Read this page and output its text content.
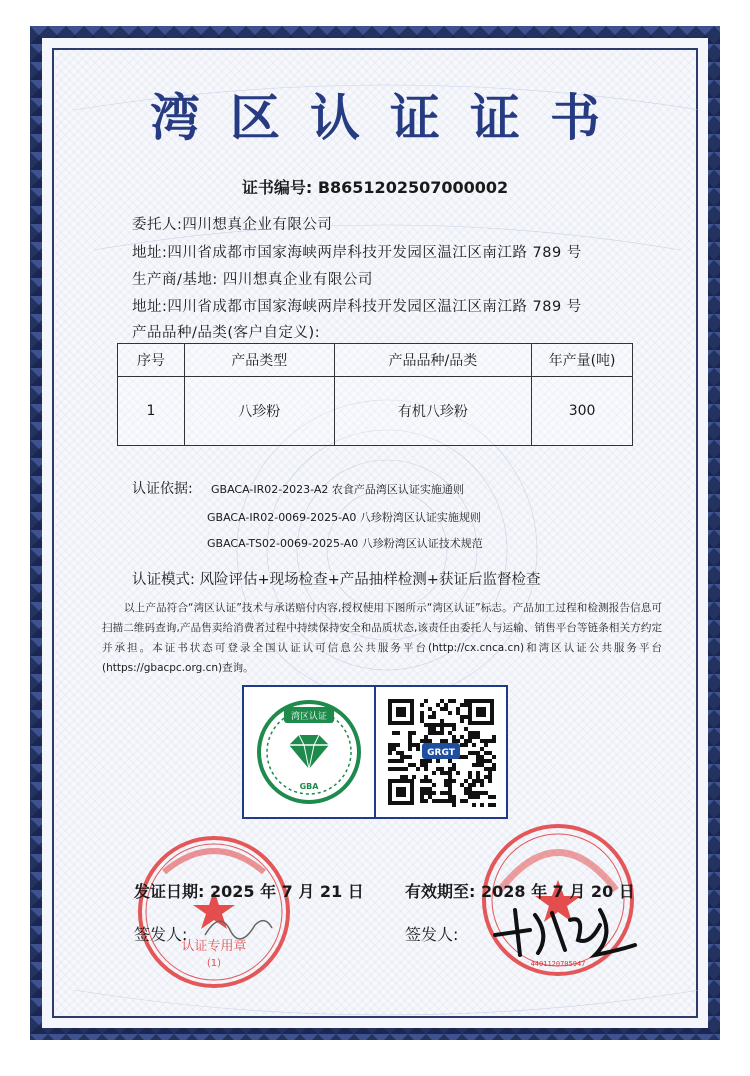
湾区认证证书
证书编号: B8651202507000002
委托人:四川想真企业有限公司
地址:四川省成都市国家海峡两岸科技开发园区温江区南江路 789 号
生产商/基地: 四川想真企业有限公司
地址:四川省成都市国家海峡两岸科技开发园区温江区南江路 789 号
产品品种/品类(客户自定义):
序号	产品类型	产品品种/品类	年产量(吨)
1	八珍粉	有机八珍粉	300
认证依据: GBACA-IR02-2023-A2 农食产品湾区认证实施通则
GBACA-IR02-0069-2025-A0 八珍粉湾区认证实施规则
GBACA-TS02-0069-2025-A0 八珍粉湾区认证技术规范
认证模式: 风险评估+现场检查+产品抽样检测+获证后监督检查
以上产品符合“湾区认证”技术与承诺赔付内容,授权使用下图所示“湾区认证”标志。产品加工过程和检测报告信息可扫描二维码查询,产品售卖给消费者过程中持续保持安全和品质状态,该责任由委托人与运输、销售平台等链条相关方约定并承担。本证书状态可登录全国认证认可信息公共服务平台(http://cx.cnca.cn)和湾区认证公共服务平台(https://gbacpc.org.cn)查询。
湾区认证
GBA
GRGT
认证专用章
(1)	4401120705947
发证日期: 2025 年 7 月 21 日	有效期至: 2028 年 7 月 20 日
签发人:	签发人:
